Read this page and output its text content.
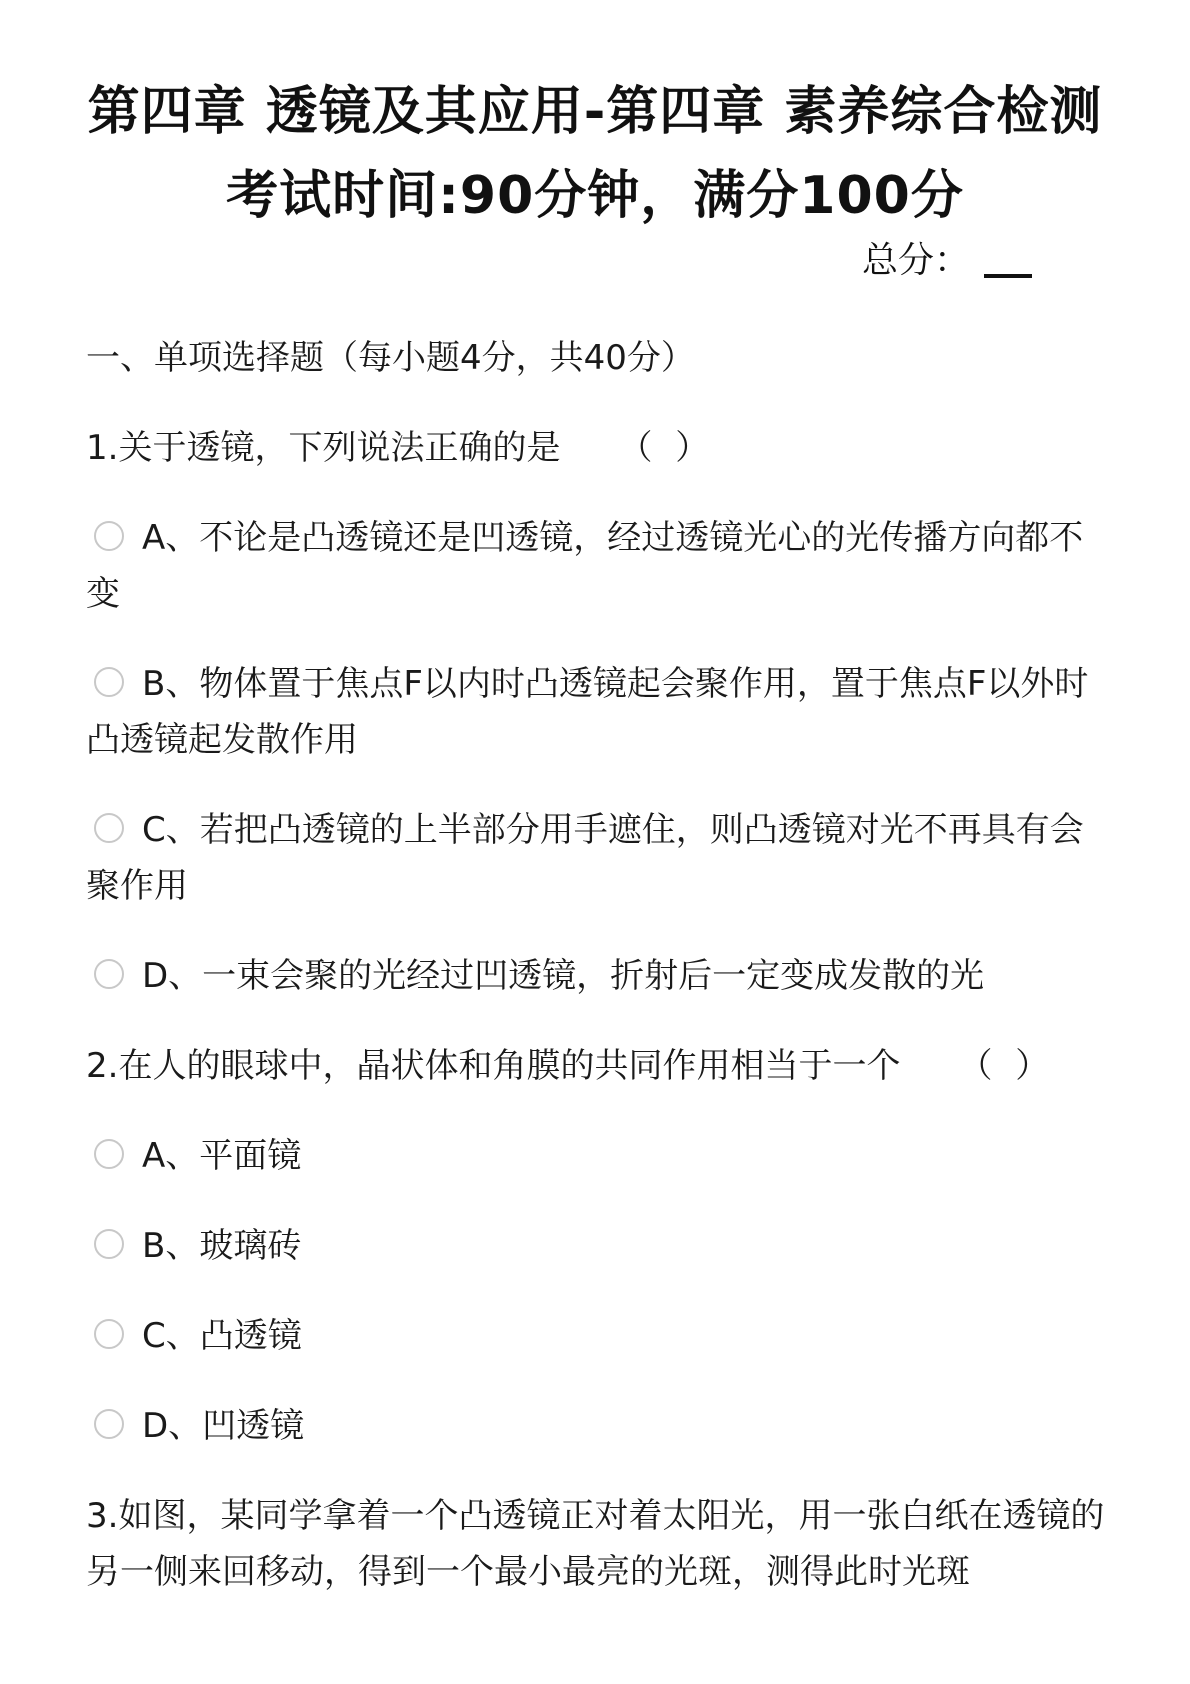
第四章 透镜及其应用-第四章 素养综合检测
考试时间:90分钟，满分100分
总分：
一、单项选择题（每小题4分，共40分）
1.关于透镜，下列说法正确的是 （ ）
A、不论是凸透镜还是凹透镜，经过透镜光心的光传播方向都不变
B、物体置于焦点F以内时凸透镜起会聚作用，置于焦点F以外时凸透镜起发散作用
C、若把凸透镜的上半部分用手遮住，则凸透镜对光不再具有会聚作用
D、一束会聚的光经过凹透镜，折射后一定变成发散的光
2.在人的眼球中，晶状体和角膜的共同作用相当于一个 （ ）
A、平面镜
B、玻璃砖
C、凸透镜
D、凹透镜
3.如图，某同学拿着一个凸透镜正对着太阳光，用一张白纸在透镜的另一侧来回移动，得到一个最小最亮的光斑，测得此时光斑
